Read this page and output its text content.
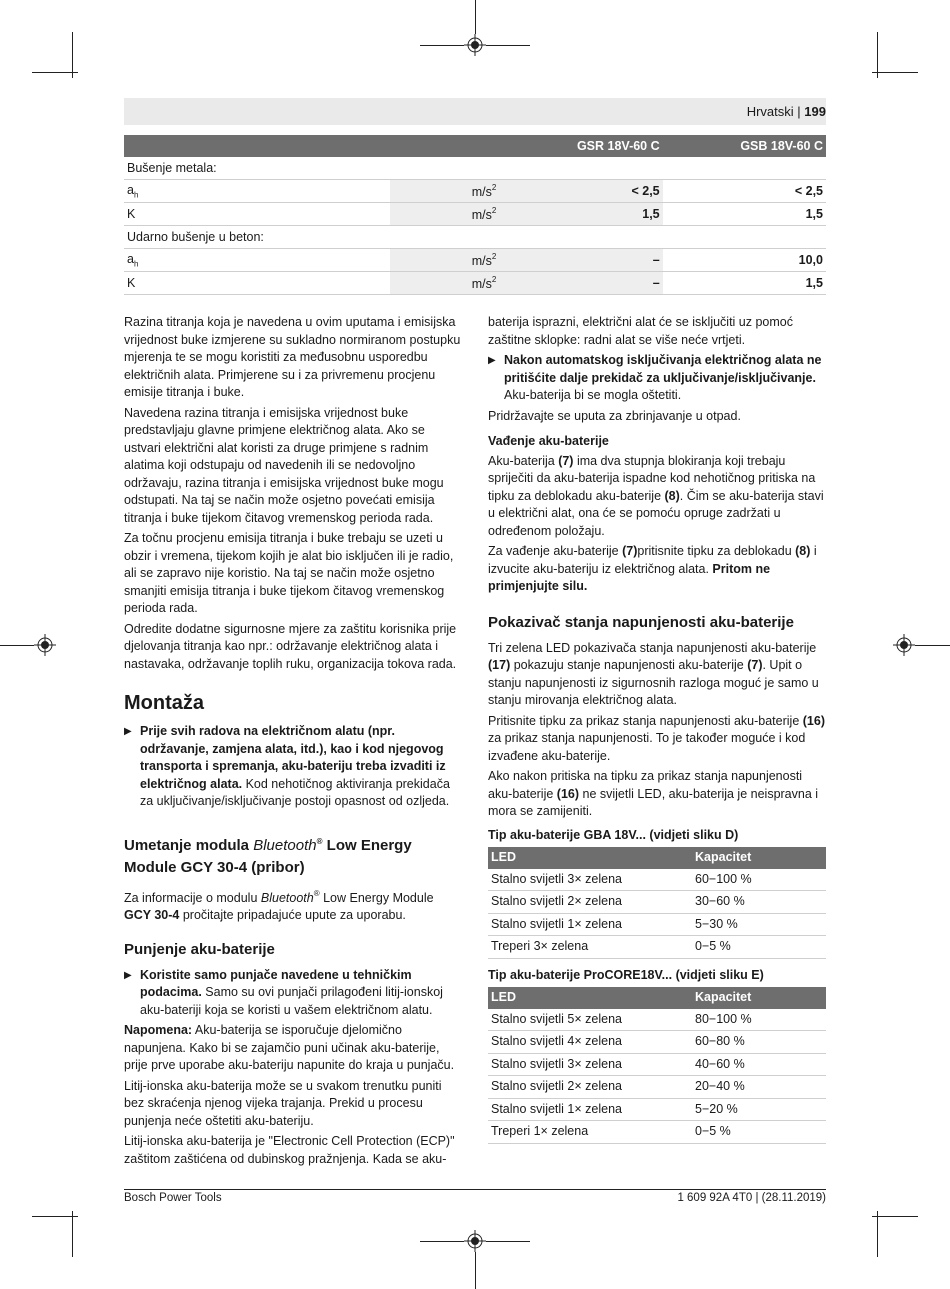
Hrvatski | 199
		GSR 18V-60 C	GSB 18V-60 C
Bušenje metala:			
$a_h$	$m/s^2$	< 2,5	< 2,5
K	$m/s^2$	1,5	1,5
Udarno bušenje u beton:			
$a_h$	$m/s^2$	–	10,0
K	$m/s^2$	–	1,5

Razina titranja koja je navedena u ovim uputama i emisijska vrijednost buke izmjerene su sukladno normiranom postupku mjerenja te se mogu koristiti za međusobnu usporedbu električnih alata. Primjerene su i za privremenu procjenu emisije titranja i buke.

Navedena razina titranja i emisijska vrijednost buke predstavljaju glavne primjene električnog alata. Ako se ustvari električni alat koristi za druge primjene s radnim alatima koji odstupaju od navedenih ili se nedovoljno održavaju, razina titranja i emisijska vrijednost buke mogu odstupati. Na taj se način može osjetno povećati emisija titranja i buke tijekom čitavog vremenskog perioda rada.

Za točnu procjenu emisija titranja i buke trebaju se uzeti u obzir i vremena, tijekom kojih je alat bio isključen ili je radio, ali se zapravo nije koristio. Na taj se način može osjetno smanjiti emisija titranja i buke tijekom čitavog vremenskog perioda rada.

Odredite dodatne sigurnosne mjere za zaštitu korisnika prije djelovanja titranja kao npr.: održavanje električnog alata i nastavaka, održavanje toplih ruku, organizacija tokova rada.

Montaža
▶ Prije svih radova na električnom alatu (npr. održavanje, zamjena alata, itd.), kao i kod njegovog transporta i spremanja, aku-bateriju treba izvaditi iz električnog alata. Kod nehotičnog aktiviranja prekidača za uključivanje/isključivanje postoji opasnost od ozljeda.
Umetanje modula Bluetooth® Low Energy Module GCY 30-4 (pribor)

Za informacije o modulu Bluetooth® Low Energy Module GCY 30-4 pročitajte pripadajuće upute za uporabu.

Punjenje aku-baterije
▶ Koristite samo punjače navedene u tehničkim podacima. Samo su ovi punjači prilagođeni litij-ionskoj aku-bateriji koja se koristi u vašem električnom alatu.

Napomena: Aku-baterija se isporučuje djelomično napunjena. Kako bi se zajamčio puni učinak aku-baterije, prije prve uporabe aku-bateriju napunite do kraja u punjaču.

Litij-ionska aku-baterija može se u svakom trenutku puniti bez skraćenja njenog vijeka trajanja. Prekid u procesu punjenja neće oštetiti aku-bateriju.

Litij-ionska aku-baterija je "Electronic Cell Protection (ECP)" zaštitom zaštićena od dubinskog pražnjenja. Kada se aku-

baterija isprazni, električni alat će se isključiti uz pomoć zaštitne sklopke: radni alat se više neće vrtjeti.

▶ Nakon automatskog isključivanja električnog alata ne pritišćite dalje prekidač za uključivanje/isključivanje.
Aku-baterija bi se mogla oštetiti.

Pridržavajte se uputa za zbrinjavanje u otpad.

Vađenje aku-baterije

Aku-baterija (7) ima dva stupnja blokiranja koji trebaju spriječiti da aku-baterija ispadne kod nehotičnog pritiska na tipku za deblokadu aku-baterije (8). Čim se aku-baterija stavi u električni alat, ona će se pomoću opruge zadržati u određenom položaju.

Za vađenje aku-baterije (7)pritisnite tipku za deblokadu (8) i izvucite aku-bateriju iz električnog alata. Pritom ne primjenjujte silu.

Pokazivač stanja napunjenosti aku-baterije

Tri zelena LED pokazivača stanja napunjenosti aku-baterije (17) pokazuju stanje napunjenosti aku-baterije (7). Upit o stanju napunjenosti iz sigurnosnih razloga moguć je samo u stanju mirovanja električnog alata.

Pritisnite tipku za prikaz stanja napunjenosti aku-baterije (16) za prikaz stanja napunjenosti. To je također moguće i kod izvađene aku-baterije.

Ako nakon pritiska na tipku za prikaz stanja napunjenosti aku-baterije (16) ne svijetli LED, aku-baterija je neispravna i mora se zamijeniti.

Tip aku-baterije GBA 18V... (vidjeti sliku D)
LED	Kapacitet
Stalno svijetli 3× zelena	60−100 %
Stalno svijetli 2× zelena	30−60 %
Stalno svijetli 1× zelena	5−30 %
Treperi 3× zelena	0−5 %
Tip aku-baterije ProCORE18V... (vidjeti sliku E)
LED	Kapacitet
Stalno svijetli 5× zelena	80−100 %
Stalno svijetli 4× zelena	60−80 %
Stalno svijetli 3× zelena	40−60 %
Stalno svijetli 2× zelena	20−40 %
Stalno svijetli 1× zelena	5−20 %
Treperi 1× zelena	0−5 %
Bosch Power Tools	1 609 92A 4T0 | (28.11.2019)
